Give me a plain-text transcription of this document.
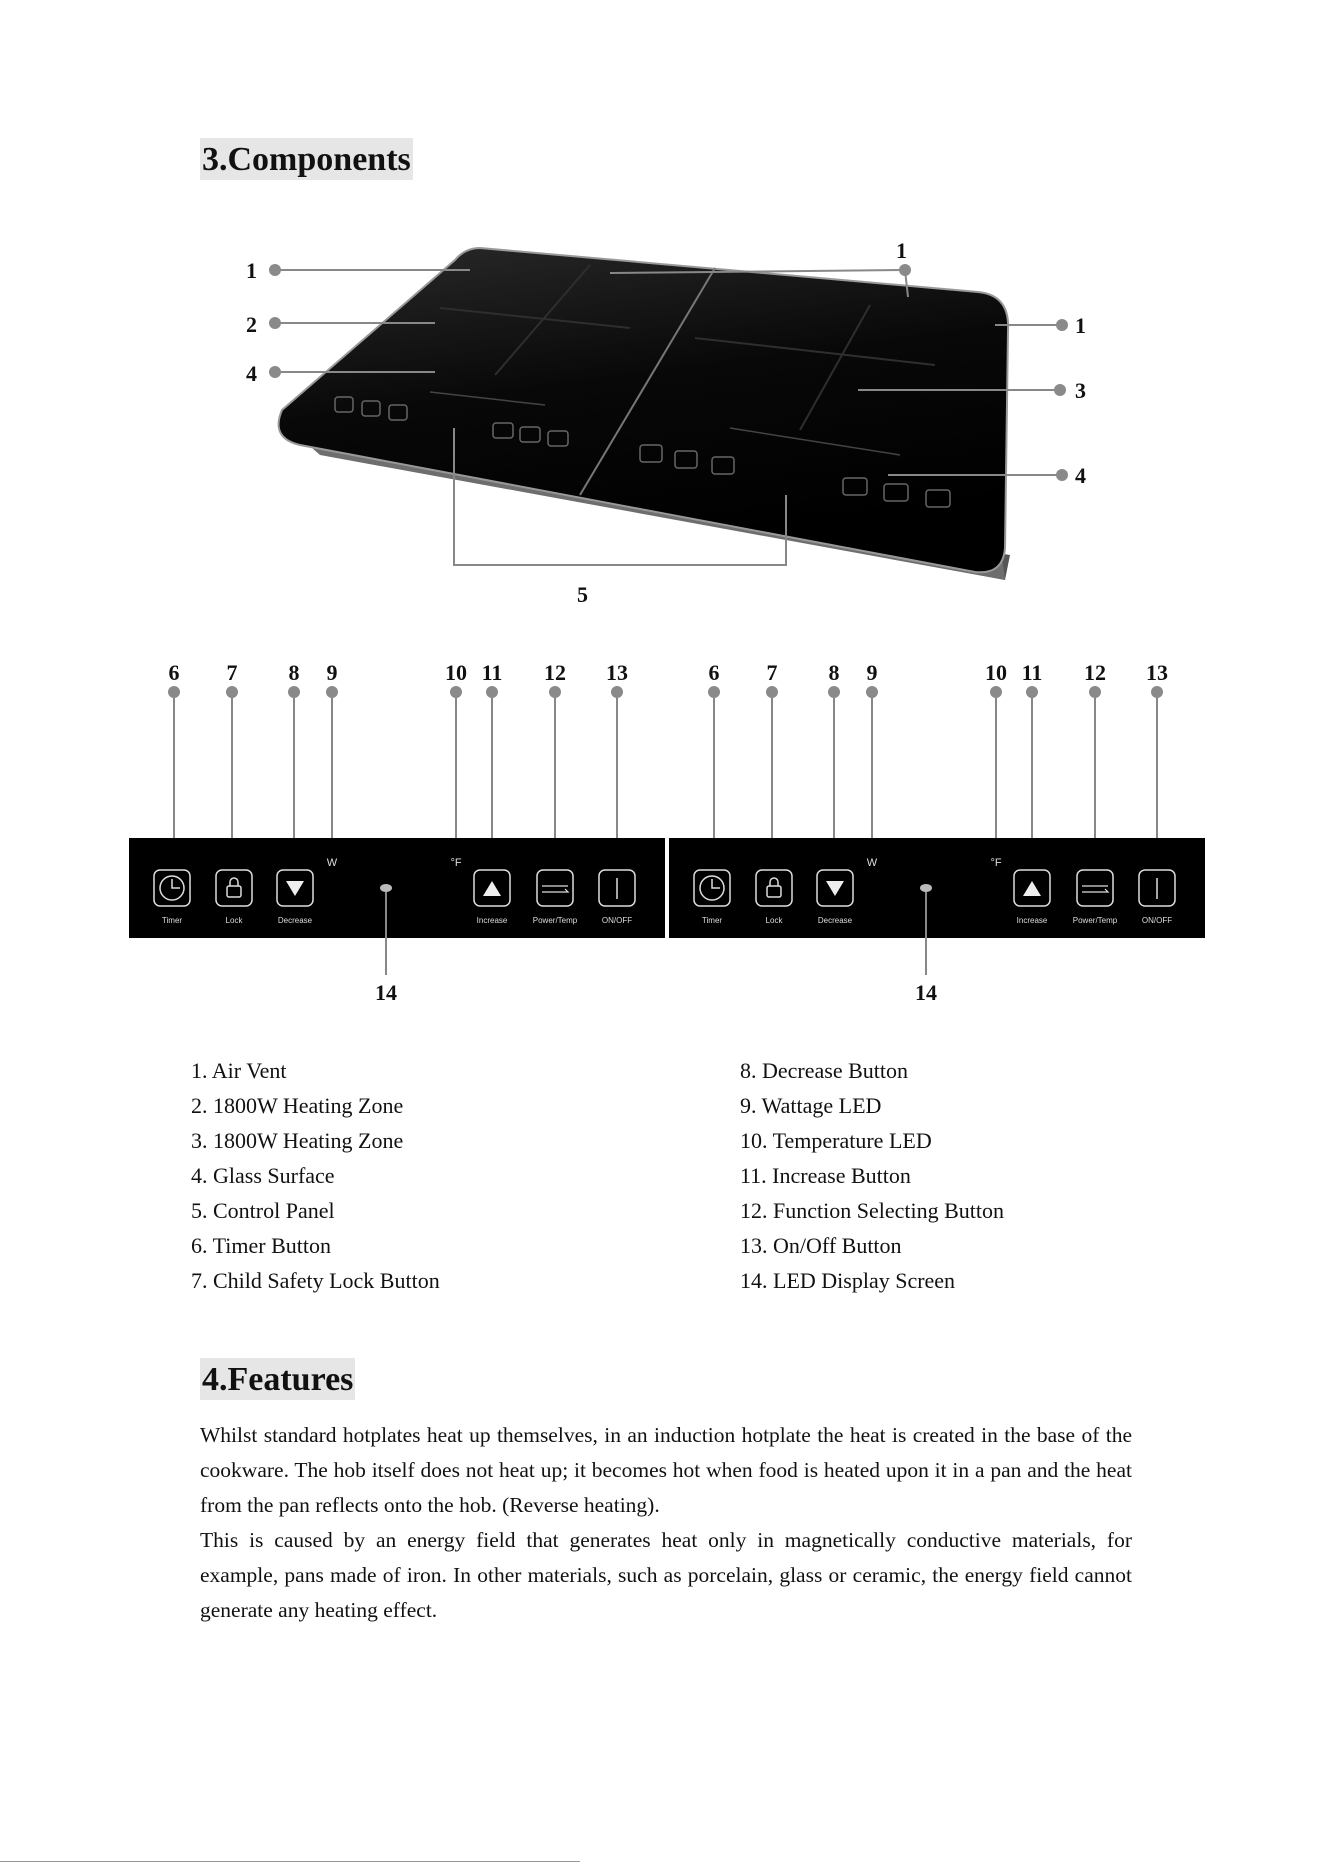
3.Components
1
2
4
1
1
3
4
5
6 7 8 9	10 11 12 13
W	°F
Timer	Lock	Decrease	Increase	Power/Temp	ON/OFF
14
6 7 8 9	10 11 12 13
W	°F
Timer	Lock	Decrease	Increase	Power/Temp	ON/OFF
14
1. Air Vent
2. 1800W Heating Zone
3. 1800W Heating Zone
4. Glass Surface
5. Control Panel
6. Timer Button
7. Child Safety Lock Button
8. Decrease Button
9. Wattage LED
10. Temperature LED
11. Increase Button
12. Function Selecting Button
13. On/Off Button
14. LED Display Screen
4.Features

Whilst standard hotplates heat up themselves, in an induction hotplate the heat is created in the base of the cookware. The hob itself does not heat up; it becomes hot when food is heated upon it in a pan and the heat from the pan reflects onto the hob. (Reverse heating).

This is caused by an energy field that generates heat only in magnetically conductive materials, for example, pans made of iron. In other materials, such as porcelain, glass or ceramic, the energy field cannot generate any heating effect.
